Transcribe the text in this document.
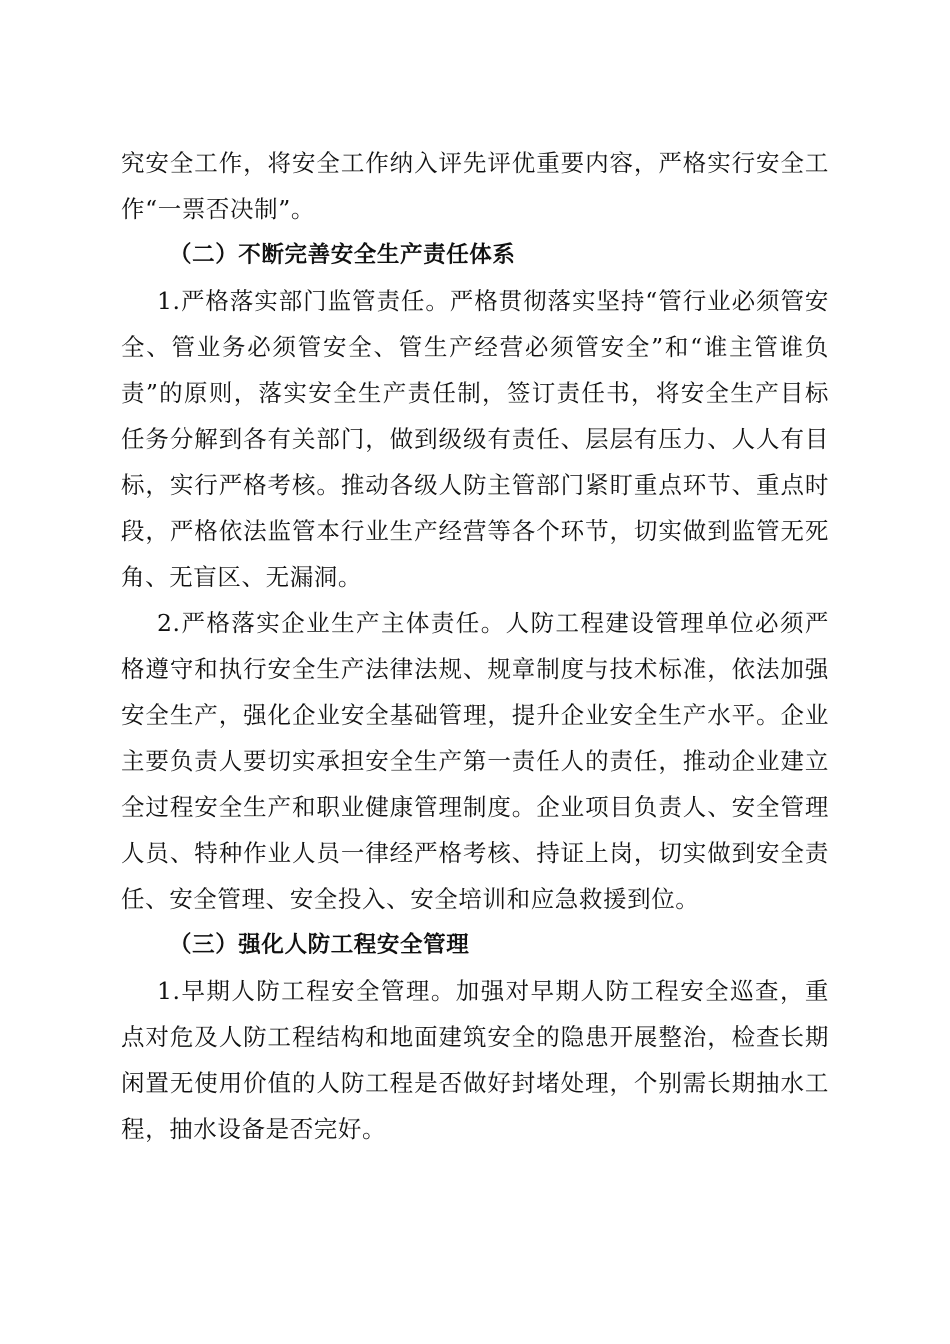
究安全工作，将安全工作纳入评先评优重要内容，严格实行安全工作“一票否决制”。

（二）不断完善安全生产责任体系

1.严格落实部门监管责任。严格贯彻落实坚持“管行业必须管安全、管业务必须管安全、管生产经营必须管安全”和“谁主管谁负责”的原则，落实安全生产责任制，签订责任书，将安全生产目标任务分解到各有关部门，做到级级有责任、层层有压力、人人有目标，实行严格考核。推动各级人防主管部门紧盯重点环节、重点时段，严格依法监管本行业生产经营等各个环节，切实做到监管无死角、无盲区、无漏洞。

2.严格落实企业生产主体责任。人防工程建设管理单位必须严格遵守和执行安全生产法律法规、规章制度与技术标准，依法加强安全生产，强化企业安全基础管理，提升企业安全生产水平。企业主要负责人要切实承担安全生产第一责任人的责任，推动企业建立全过程安全生产和职业健康管理制度。企业项目负责人、安全管理人员、特种作业人员一律经严格考核、持证上岗，切实做到安全责任、安全管理、安全投入、安全培训和应急救援到位。

（三）强化人防工程安全管理

1.早期人防工程安全管理。加强对早期人防工程安全巡查，重点对危及人防工程结构和地面建筑安全的隐患开展整治，检查长期闲置无使用价值的人防工程是否做好封堵处理，个别需长期抽水工程，抽水设备是否完好。
